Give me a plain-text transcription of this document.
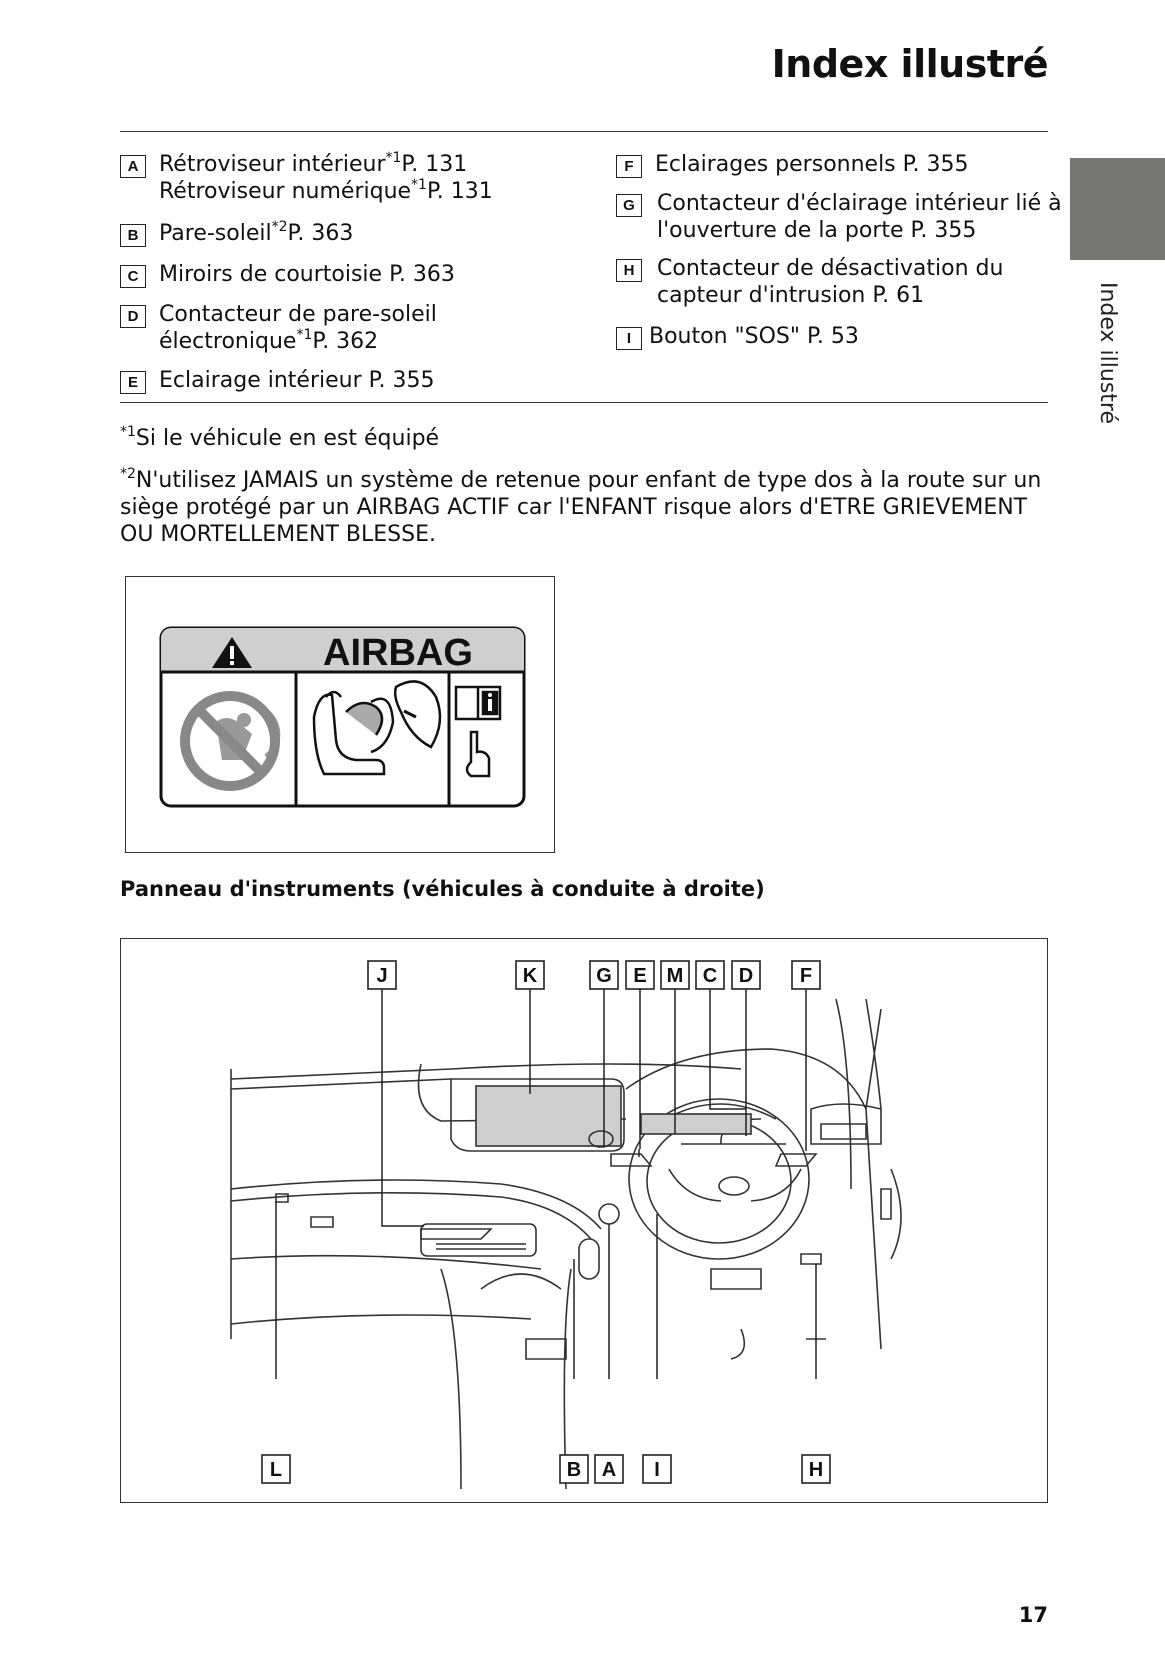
Index illustré
Index illustré
A Rétroviseur intérieur$^{*1}$P. 131
Rétroviseur numérique$^{*1}$P. 131
B Pare-soleil$^{*2}$P. 363
C Miroirs de courtoisie P. 363
D Contacteur de pare-soleil
électronique$^{*1}$P. 362
E Eclairage intérieur P. 355
F Eclairages personnels P. 355
G	Contacteur d'éclairage intérieur lié à
l'ouverture de la porte P. 355
H	Contacteur de désactivation du
capteur d'intrusion P. 61
I Bouton "SOS" P. 53
$^{*1}$Si le véhicule en est équipé
$^{*2}$N'utilisez JAMAIS un système de retenue pour enfant de type dos à la route sur un siège protégé par un AIRBAG ACTIF car l'ENFANT risque alors d'ETRE GRIEVEMENT OU MORTELLEMENT BLESSE.
AIRBAG
Panneau d'instruments (véhicules à conduite à droite)
J	K	G E M C D F
L	B A I	H
17
